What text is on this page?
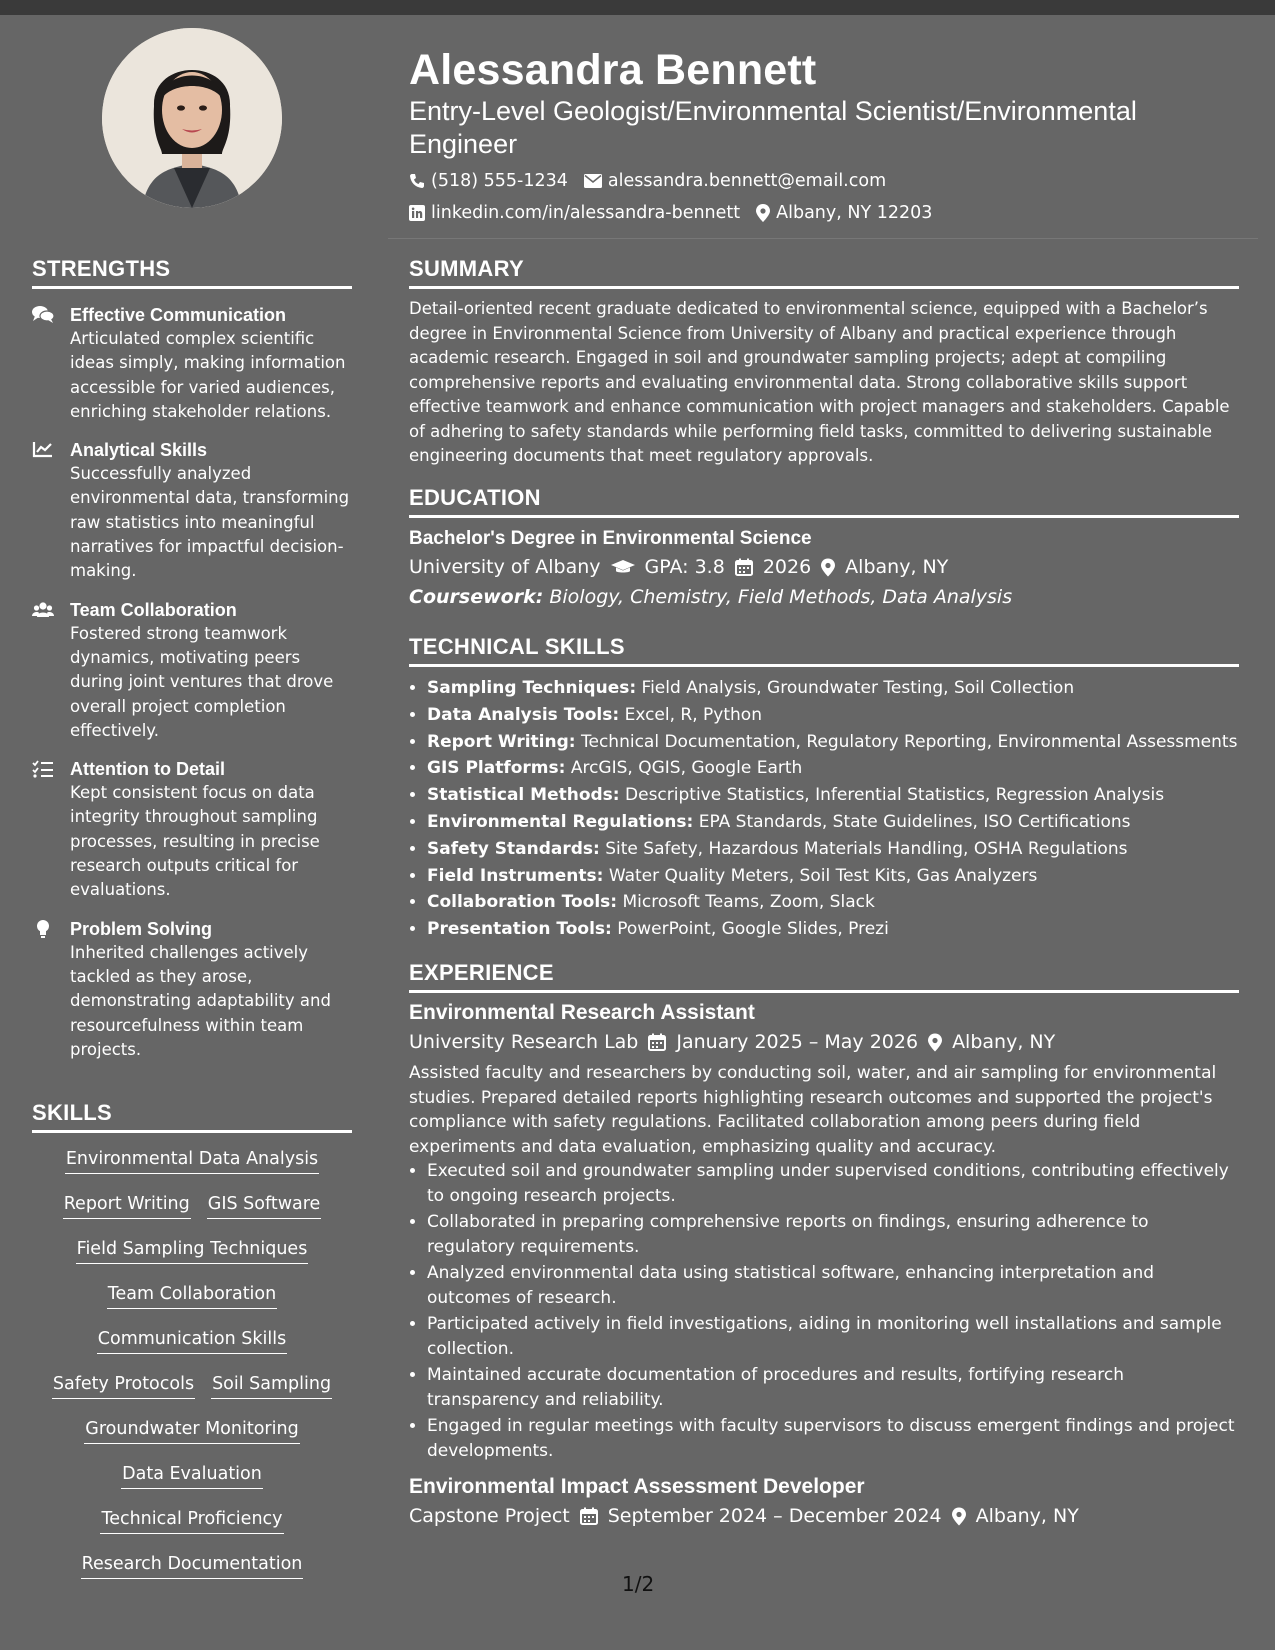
STRENGTHS
Effective Communication
Articulated complex scientific ideas simply, making information accessible for varied audiences, enriching stakeholder relations.
Analytical Skills
Successfully analyzed environmental data, transforming raw statistics into meaningful narratives for impactful decision-making.
Team Collaboration
Fostered strong teamwork dynamics, motivating peers during joint ventures that drove overall project completion effectively.
Attention to Detail
Kept consistent focus on data integrity throughout sampling processes, resulting in precise research outputs critical for evaluations.
Problem Solving
Inherited challenges actively tackled as they arose, demonstrating adaptability and resourcefulness within team projects.
SKILLS
Environmental Data Analysis
Report Writing GIS Software
Field Sampling Techniques
Team Collaboration
Communication Skills
Safety Protocols Soil Sampling
Groundwater Monitoring
Data Evaluation
Technical Proficiency
Research Documentation
Alessandra Bennett
Entry-Level Geologist/Environmental Scientist/Environmental Engineer
(518) 555-1234 alessandra.bennett@email.com
linkedin.com/in/alessandra-bennett Albany, NY 12203
SUMMARY
Detail-oriented recent graduate dedicated to environmental science, equipped with a Bachelor’s degree in Environmental Science from University of Albany and practical experience through academic research. Engaged in soil and groundwater sampling projects; adept at compiling comprehensive reports and evaluating environmental data. Strong collaborative skills support effective teamwork and enhance communication with project managers and stakeholders. Capable of adhering to safety standards while performing field tasks, committed to delivering sustainable engineering documents that meet regulatory approvals.
EDUCATION
Bachelor's Degree in Environmental Science
University of Albany GPA: 3.8 2026 Albany, NY
Coursework: Biology, Chemistry, Field Methods, Data Analysis
TECHNICAL SKILLS
• Sampling Techniques: Field Analysis, Groundwater Testing, Soil Collection
• Data Analysis Tools: Excel, R, Python
• Report Writing: Technical Documentation, Regulatory Reporting, Environmental Assessments
• GIS Platforms: ArcGIS, QGIS, Google Earth
• Statistical Methods: Descriptive Statistics, Inferential Statistics, Regression Analysis
• Environmental Regulations: EPA Standards, State Guidelines, ISO Certifications
• Safety Standards: Site Safety, Hazardous Materials Handling, OSHA Regulations
• Field Instruments: Water Quality Meters, Soil Test Kits, Gas Analyzers
• Collaboration Tools: Microsoft Teams, Zoom, Slack
• Presentation Tools: PowerPoint, Google Slides, Prezi
EXPERIENCE
Environmental Research Assistant
University Research Lab January 2025 – May 2026 Albany, NY
Assisted faculty and researchers by conducting soil, water, and air sampling for environmental studies. Prepared detailed reports highlighting research outcomes and supported the project's compliance with safety regulations. Facilitated collaboration among peers during field experiments and data evaluation, emphasizing quality and accuracy.
• Executed soil and groundwater sampling under supervised conditions, contributing effectively to ongoing research projects.
• Collaborated in preparing comprehensive reports on findings, ensuring adherence to regulatory requirements.
• Analyzed environmental data using statistical software, enhancing interpretation and outcomes of research.
• Participated actively in field investigations, aiding in monitoring well installations and sample collection.
• Maintained accurate documentation of procedures and results, fortifying research transparency and reliability.
• Engaged in regular meetings with faculty supervisors to discuss emergent findings and project developments.
Environmental Impact Assessment Developer
Capstone Project September 2024 – December 2024 Albany, NY
1/2
